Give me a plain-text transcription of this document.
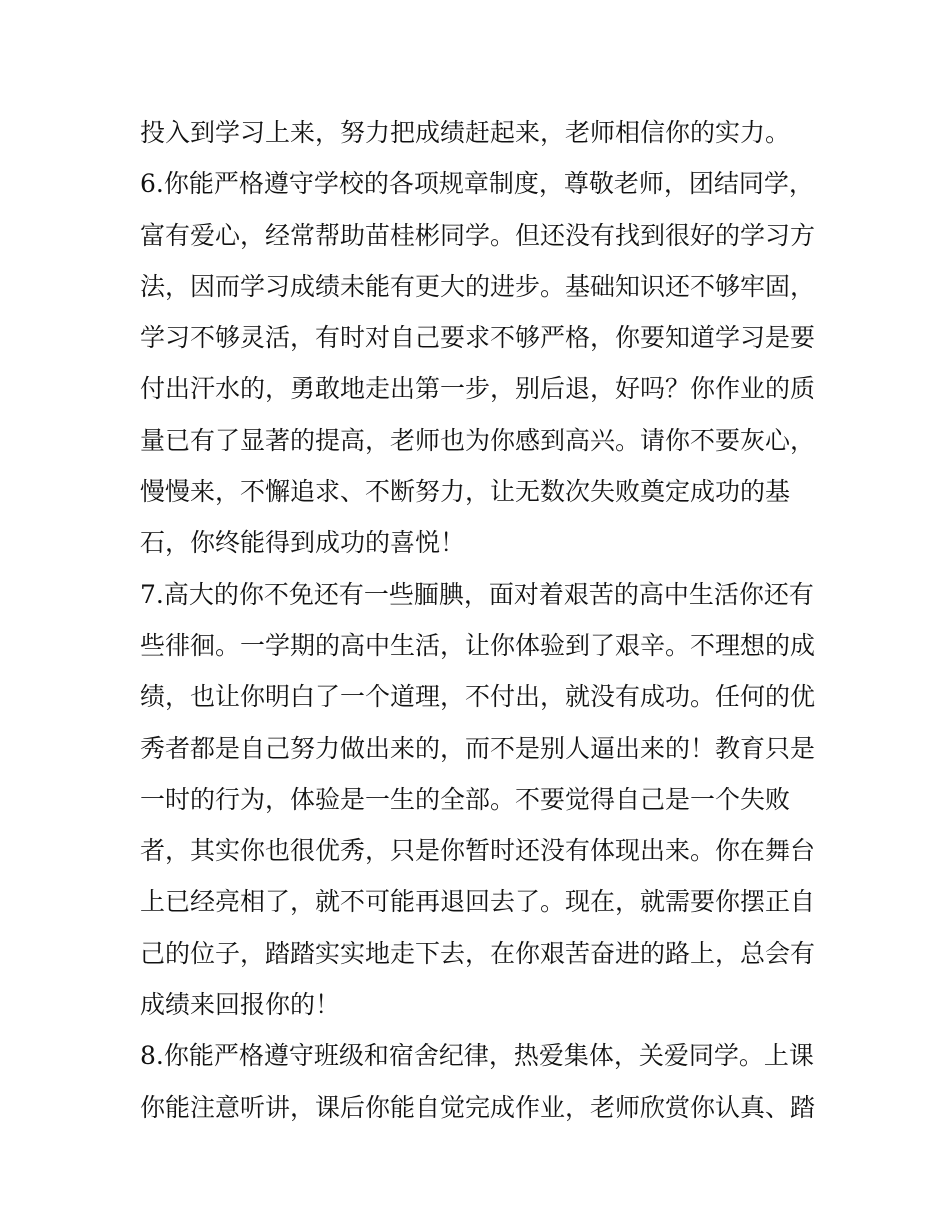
投入到学习上来，努力把成绩赶起来，老师相信你的实力。
6.你能严格遵守学校的各项规章制度，尊敬老师，团结同学，
富有爱心，经常帮助苗桂彬同学。但还没有找到很好的学习方
法，因而学习成绩未能有更大的进步。基础知识还不够牢固，
学习不够灵活，有时对自己要求不够严格，你要知道学习是要
付出汗水的，勇敢地走出第一步，别后退，好吗？你作业的质
量已有了显著的提高，老师也为你感到高兴。请你不要灰心，
慢慢来，不懈追求、不断努力，让无数次失败奠定成功的基
石，你终能得到成功的喜悦！
7.高大的你不免还有一些腼腆，面对着艰苦的高中生活你还有
些徘徊。一学期的高中生活，让你体验到了艰辛。不理想的成
绩，也让你明白了一个道理，不付出，就没有成功。任何的优
秀者都是自己努力做出来的，而不是别人逼出来的！教育只是
一时的行为，体验是一生的全部。不要觉得自己是一个失败
者，其实你也很优秀，只是你暂时还没有体现出来。你在舞台
上已经亮相了，就不可能再退回去了。现在，就需要你摆正自
己的位子，踏踏实实地走下去，在你艰苦奋进的路上，总会有
成绩来回报你的！
8.你能严格遵守班级和宿舍纪律，热爱集体，关爱同学。上课
你能注意听讲，课后你能自觉完成作业，老师欣赏你认真、踏
